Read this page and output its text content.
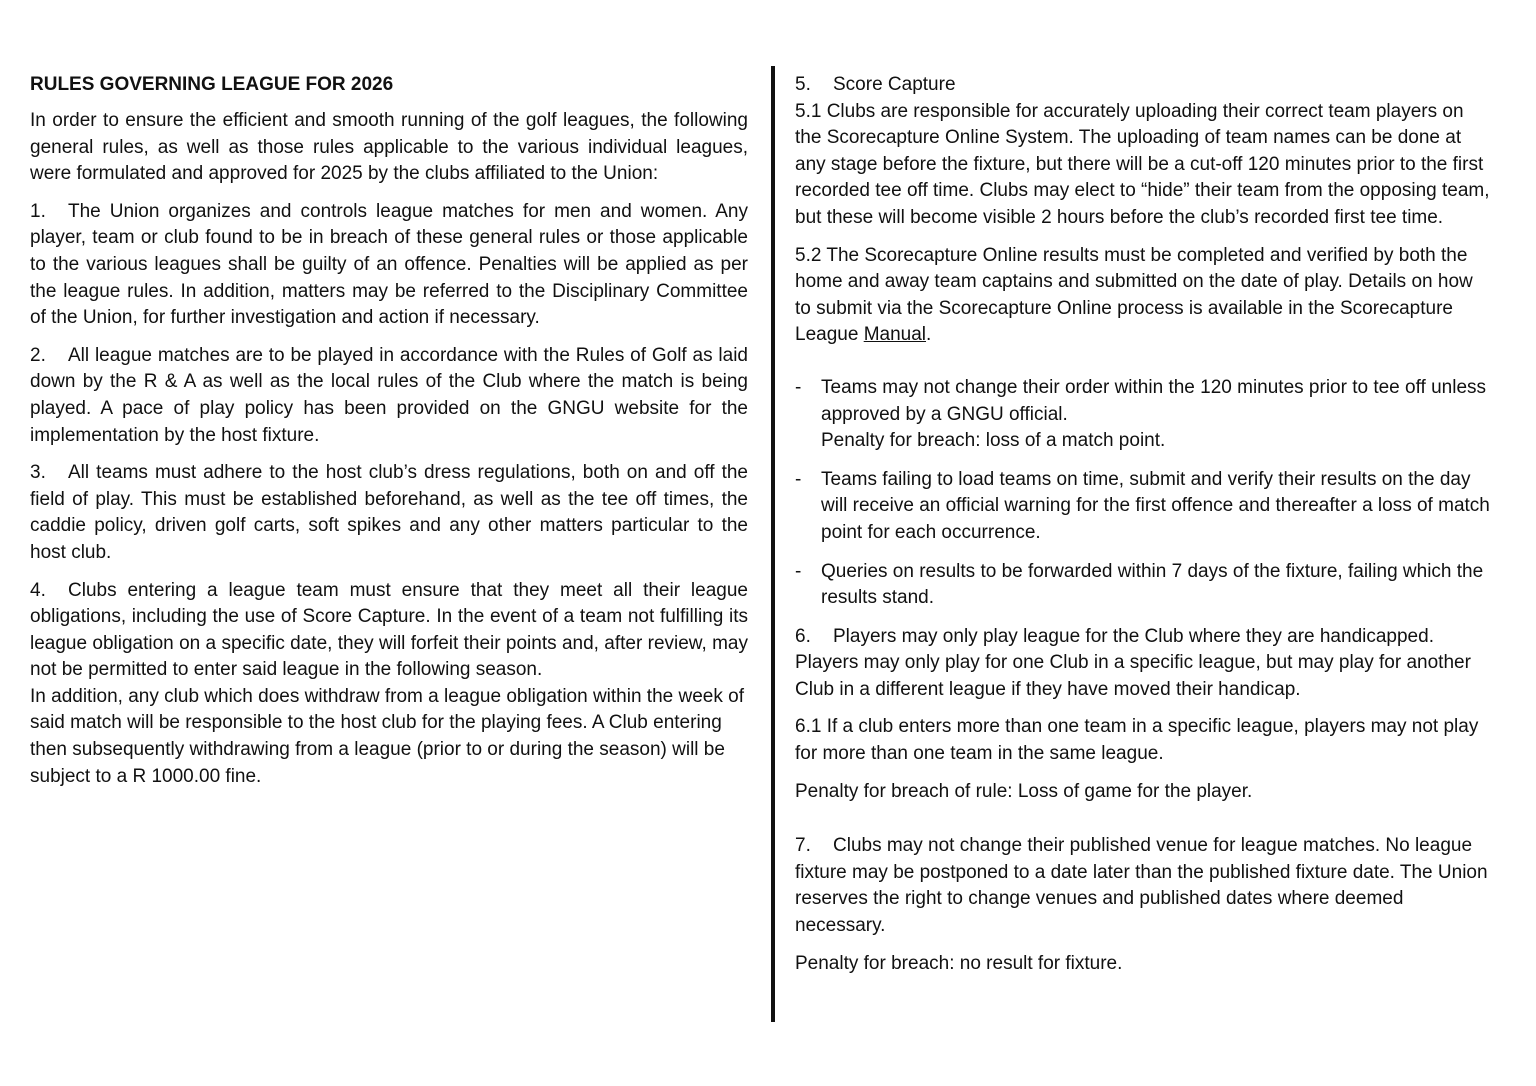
RULES GOVERNING LEAGUE FOR 2026

In order to ensure the efficient and smooth running of the golf leagues, the following general rules, as well as those rules applicable to the various individual leagues, were formulated and approved for 2025 by the clubs affiliated to the Union:

1. The Union organizes and controls league matches for men and women. Any player, team or club found to be in breach of these general rules or those applicable to the various leagues shall be guilty of an offence. Penalties will be applied as per the league rules. In addition, matters may be referred to the Disciplinary Committee of the Union, for further investigation and action if necessary.

2. All league matches are to be played in accordance with the Rules of Golf as laid down by the R & A as well as the local rules of the Club where the match is being played. A pace of play policy has been provided on the GNGU website for the implementation by the host fixture.

3. All teams must adhere to the host club’s dress regulations, both on and off the field of play. This must be established beforehand, as well as the tee off times, the caddie policy, driven golf carts, soft spikes and any other matters particular to the host club.

4. Clubs entering a league team must ensure that they meet all their league obligations, including the use of Score Capture. In the event of a team not fulfilling its league obligation on a specific date, they will forfeit their points and, after review, may not be permitted to enter said league in the following season.

In addition, any club which does withdraw from a league obligation within the week of said match will be responsible to the host club for the playing fees. A Club entering then subsequently withdrawing from a league (prior to or during the season) will be subject to a R 1000.00 fine.

5. Score Capture

5.1 Clubs are responsible for accurately uploading their correct team players on the Scorecapture Online System. The uploading of team names can be done at any stage before the fixture, but there will be a cut-off 120 minutes prior to the first recorded tee off time. Clubs may elect to “hide” their team from the opposing team, but these will become visible 2 hours before the club’s recorded first tee time.

5.2 The Scorecapture Online results must be completed and verified by both the home and away team captains and submitted on the date of play. Details on how to submit via the Scorecapture Online process is available in the Scorecapture League Manual.

- Teams may not change their order within the 120 minutes prior to tee off unless approved by a GNGU official.
Penalty for breach: loss of a match point.
- Teams failing to load teams on time, submit and verify their results on the day will receive an official warning for the first offence and thereafter a loss of match point for each occurrence.
- Queries on results to be forwarded within 7 days of the fixture, failing which the results stand.

6. Players may only play league for the Club where they are handicapped. Players may only play for one Club in a specific league, but may play for another Club in a different league if they have moved their handicap.

6.1 If a club enters more than one team in a specific league, players may not play for more than one team in the same league.

Penalty for breach of rule: Loss of game for the player.

7. Clubs may not change their published venue for league matches. No league fixture may be postponed to a date later than the published fixture date. The Union reserves the right to change venues and published dates where deemed necessary.

Penalty for breach: no result for fixture.
